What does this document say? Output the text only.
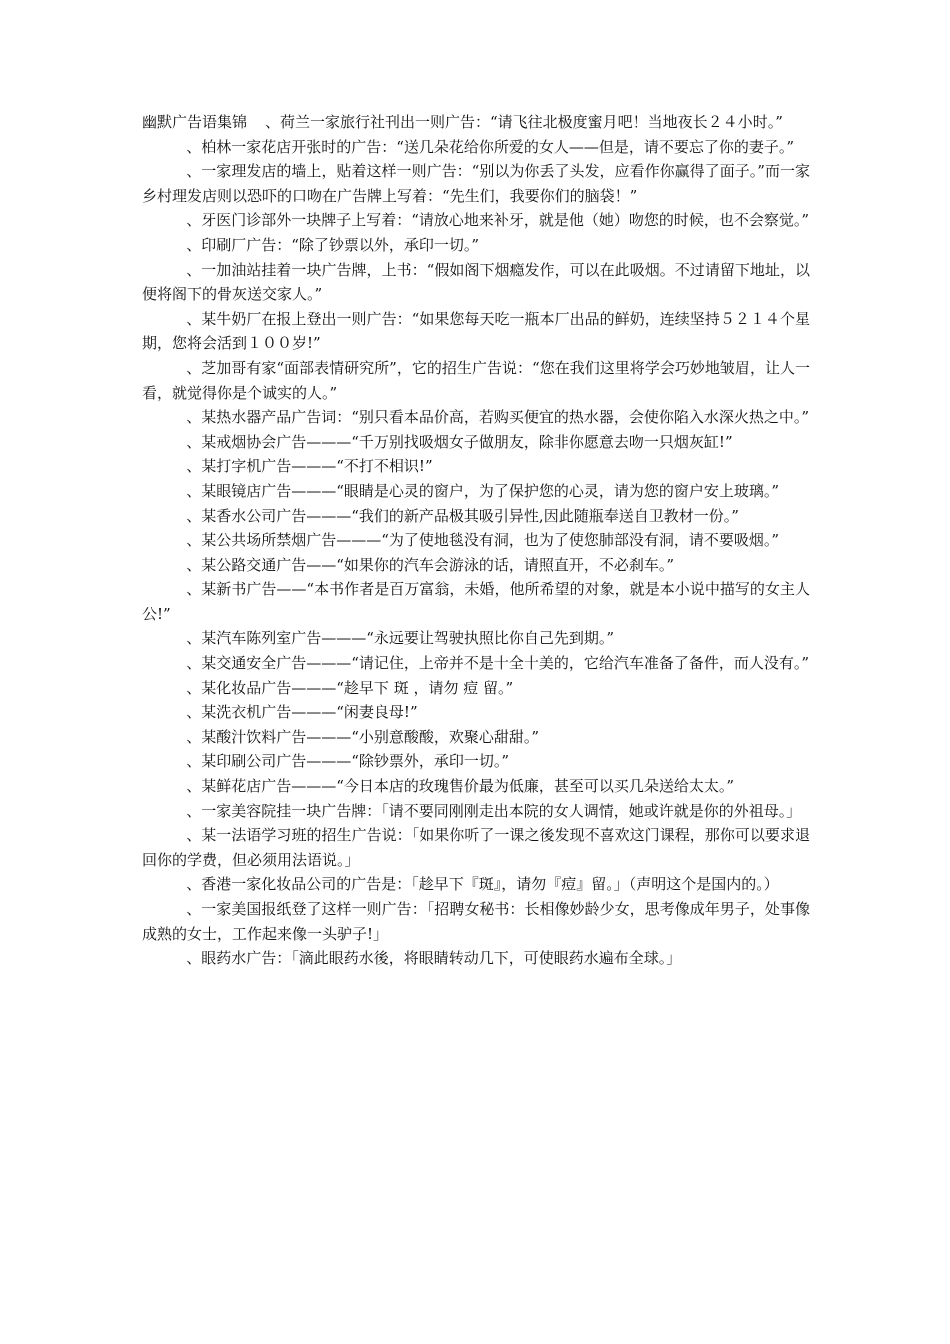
幽默广告语集锦 、荷兰一家旅行社刊出一则广告：“请飞往北极度蜜月吧！当地夜长２４小时。”

、柏林一家花店开张时的广告：“送几朵花给你所爱的女人——但是，请不要忘了你的妻子。”

、一家理发店的墙上，贴着这样一则广告：“别以为你丢了头发，应看作你赢得了面子。”而一家乡村理发店则以恐吓的口吻在广告牌上写着：“先生们，我要你们的脑袋！”

、牙医门诊部外一块牌子上写着：“请放心地来补牙，就是他（她）吻您的时候，也不会察觉。”

、印刷厂广告：“除了钞票以外，承印一切。”

、一加油站挂着一块广告牌，上书：“假如阁下烟瘾发作，可以在此吸烟。不过请留下地址，以便将阁下的骨灰送交家人。”

、某牛奶厂在报上登出一则广告：“如果您每天吃一瓶本厂出品的鲜奶，连续坚持５２１４个星期，您将会活到１００岁!”

、芝加哥有家“面部表情研究所”，它的招生广告说：“您在我们这里将学会巧妙地皱眉，让人一看，就觉得你是个诚实的人。”

、某热水器产品广告词：“别只看本品价高，若购买便宜的热水器，会使你陷入水深火热之中。”

、某戒烟协会广告———“千万别找吸烟女子做朋友，除非你愿意去吻一只烟灰缸!”

、某打字机广告———“不打不相识!”

、某眼镜店广告———“眼睛是心灵的窗户，为了保护您的心灵，请为您的窗户安上玻璃。”

、某香水公司广告———“我们的新产品极其吸引异性,因此随瓶奉送自卫教材一份。”

、某公共场所禁烟广告———“为了使地毯没有洞，也为了使您肺部没有洞，请不要吸烟。”

、某公路交通广告——“如果你的汽车会游泳的话，请照直开，不必刹车。”

、某新书广告——“本书作者是百万富翁，未婚，他所希望的对象，就是本小说中描写的女主人公!”

、某汽车陈列室广告———“永远要让驾驶执照比你自己先到期。”

、某交通安全广告———“请记住，上帝并不是十全十美的，它给汽车准备了备件，而人没有。”

、某化妆品广告———“趁早下 斑 ，请勿 痘 留。”

、某洗衣机广告———“闲妻良母!”

、某酸汁饮料广告———“小别意酸酸，欢聚心甜甜。”

、某印刷公司广告———“除钞票外，承印一切。”

、某鲜花店广告———“今日本店的玫瑰售价最为低廉，甚至可以买几朵送给太太。”

、一家美容院挂一块广告牌：「请不要同刚刚走出本院的女人调情，她或许就是你的外祖母。」

、某一法语学习班的招生广告说：「如果你听了一课之後发现不喜欢这门课程，那你可以要求退回你的学费，但必须用法语说。」

、香港一家化妆品公司的广告是：「趁早下『斑』，请勿『痘』留。」（声明这个是国内的。）

、一家美国报纸登了这样一则广告：「招聘女秘书：长相像妙龄少女，思考像成年男子，处事像成熟的女士，工作起来像一头驴子!」

、眼药水广告：「滴此眼药水後，将眼睛转动几下，可使眼药水遍布全球。」
